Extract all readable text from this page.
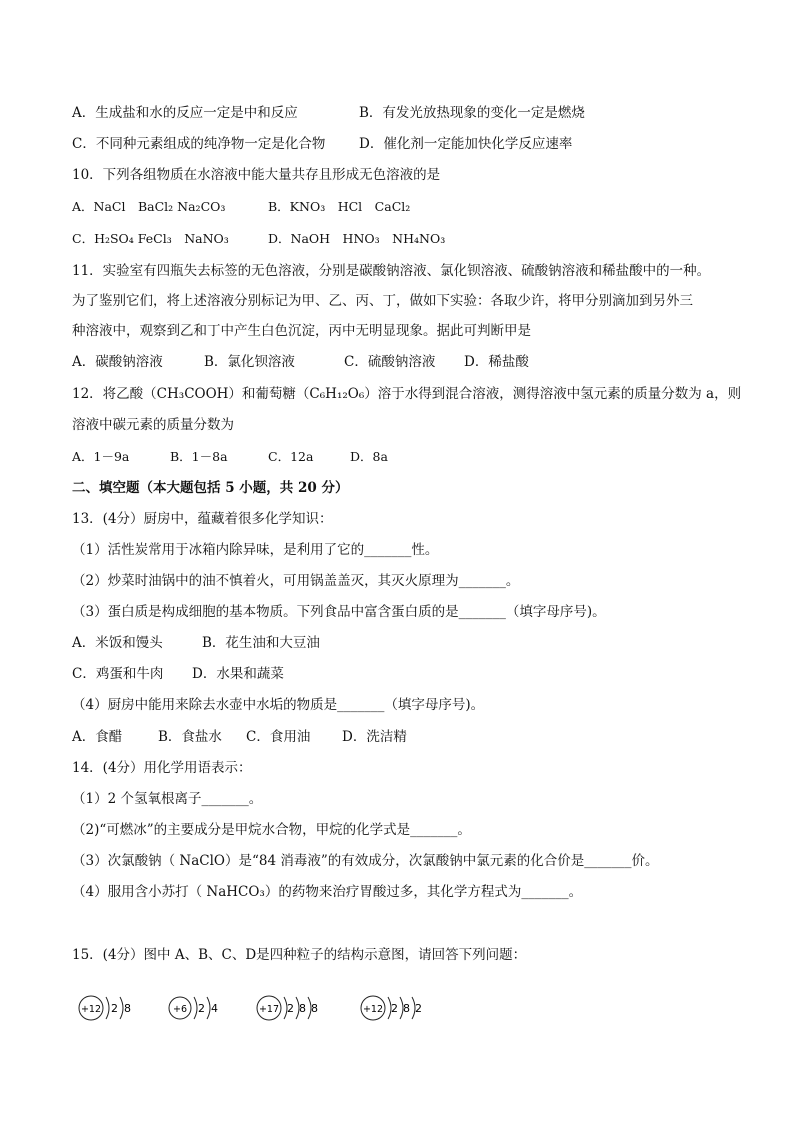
A．生成盐和水的反应一定是中和反应	B．有发光放热现象的变化一定是燃烧
C．不同种元素组成的纯净物一定是化合物 D．催化剂一定能加快化学反应速率
10．下列各组物质在水溶液中能大量共存且形成无色溶液的是
A．NaCl　BaCl₂ Na₂CO₃	B．KNO₃　HCl　CaCl₂
C．H₂SO₄ FeCl₃　NaNO₃	D．NaOH　HNO₃　NH₄NO₃
11．实验室有四瓶失去标签的无色溶液，分别是碳酸钠溶液、氯化钡溶液、硫酸钠溶液和稀盐酸中的一种。
为了鉴别它们，将上述溶液分别标记为甲、乙、丙、丁，做如下实验：各取少许，将甲分别滴加到另外三
种溶液中，观察到乙和丁中产生白色沉淀，丙中无明显现象。据此可判断甲是
A．碳酸钠溶液	B．氯化钡溶液	C．硫酸钠溶液 D．稀盐酸
12．将乙酸（CH₃COOH）和葡萄糖（C₆H₁₂O₆）溶于水得到混合溶液，测得溶液中氢元素的质量分数为 a，则
溶液中碳元素的质量分数为
A．1－9a	B．1－8a	C．12a	D．8a
二、填空题（本大题包括 5 小题，共 20 分）
13．(4分）厨房中，蕴藏着很多化学知识：
（1）活性炭常用于冰箱内除异味，是利用了它的_______性。
（2）炒菜时油锅中的油不慎着火，可用锅盖盖灭，其灭火原理为_______。
（3）蛋白质是构成细胞的基本物质。下列食品中富含蛋白质的是_______（填字母序号)。
A．米饭和馒头	B．花生油和大豆油
C．鸡蛋和牛肉 D．水果和蔬菜
（4）厨房中能用来除去水壶中水垢的物质是_______（填字母序号)。
A．食醋	B．食盐水 C．食用油 D．洗洁精
14．(4分）用化学用语表示：
（1）2 个氢氧根离子_______。
（2)“可燃冰”的主要成分是甲烷水合物，甲烷的化学式是_______。
（3）次氯酸钠（ NaClO）是“84 消毒液”的有效成分，次氯酸钠中氯元素的化合价是_______价。
（4）服用含小苏打（ NaHCO₃）的药物来治疗胃酸过多，其化学方程式为_______。
15．(4分）图中 A、B、C、D是四种粒子的结构示意图，请回答下列问题：
+12 2 8	+6 2 4	+17 2 8 8	+12 2 8 2
